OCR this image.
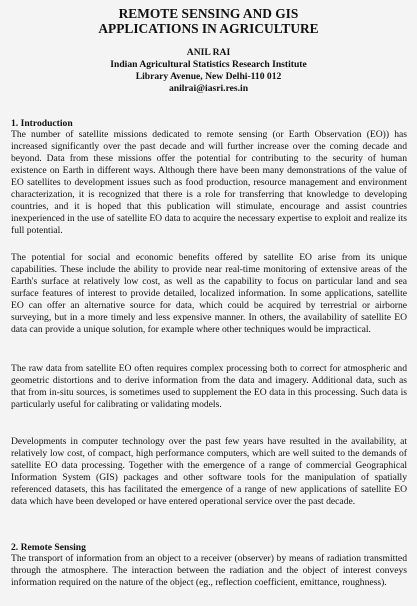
REMOTE SENSING AND GIS
APPLICATIONS IN AGRICULTURE
ANIL RAI
Indian Agricultural Statistics Research Institute
Library Avenue, New Delhi-110 012
anilrai@iasri.res.in
1. Introduction

The number of satellite missions dedicated to remote sensing (or Earth Observation (EO)) has increased significantly over the past decade and will further increase over the coming decade and beyond. Data from these missions offer the potential for contributing to the security of human existence on Earth in different ways. Although there have been many demonstrations of the value of EO satellites to development issues such as food production, resource management and environment characterization, it is recognized that there is a role for transferring that knowledge to developing countries, and it is hoped that this publication will stimulate, encourage and assist countries inexperienced in the use of satellite EO data to acquire the necessary expertise to exploit and realize its full potential.

The potential for social and economic benefits offered by satellite EO arise from its unique capabilities. These include the ability to provide near real-time monitoring of extensive areas of the Earth's surface at relatively low cost, as well as the capability to focus on particular land and sea surface features of interest to provide detailed, localized information. In some applications, satellite EO can offer an alternative source for data, which could be acquired by terrestrial or airborne surveying, but in a more timely and less expensive manner. In others, the availability of satellite EO data can provide a unique solution, for example where other techniques would be impractical.

The raw data from satellite EO often requires complex processing both to correct for atmospheric and geometric distortions and to derive information from the data and imagery. Additional data, such as that from in-situ sources, is sometimes used to supplement the EO data in this processing. Such data is particularly useful for calibrating or validating models.

Developments in computer technology over the past few years have resulted in the availability, at relatively low cost, of compact, high performance computers, which are well suited to the demands of satellite EO data processing. Together with the emergence of a range of commercial Geographical Information System (GIS) packages and other software tools for the manipulation of spatially referenced datasets, this has facilitated the emergence of a range of new applications of satellite EO data which have been developed or have entered operational service over the past decade.

2. Remote Sensing

The transport of information from an object to a receiver (observer) by means of radiation transmitted through the atmosphere. The interaction between the radiation and the object of interest conveys information required on the nature of the object (eg., reflection coefficient, emittance, roughness).
